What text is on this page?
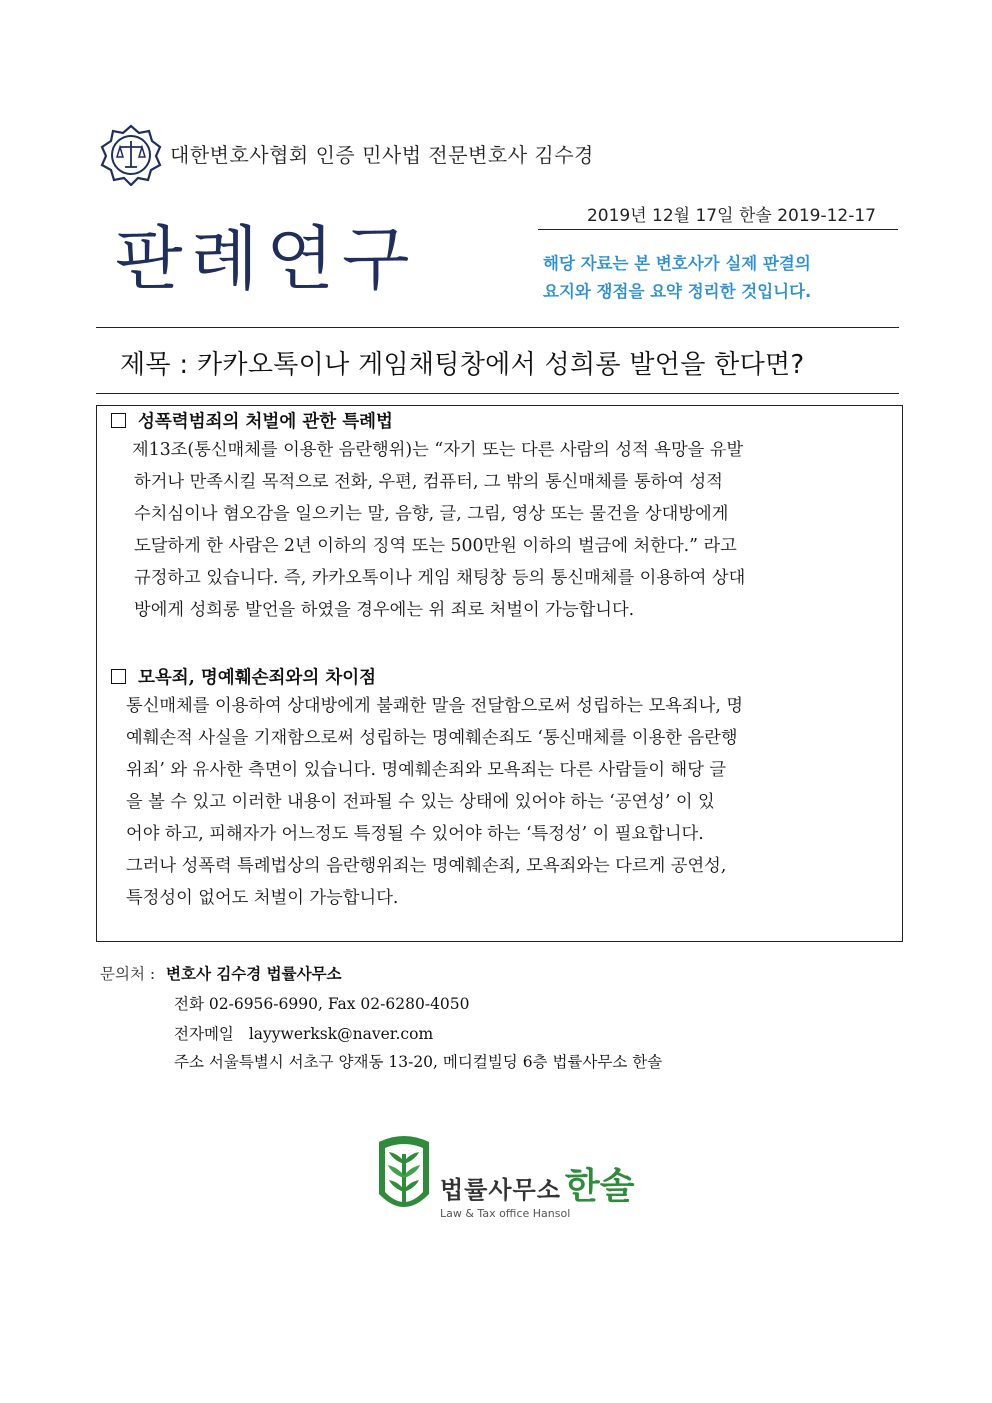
대한변호사협회 인증 민사법 전문변호사 김수경
2019년 12월 17일 한솔 2019-12-17
판례연구	해당 자료는 본 변호사가 실제 판결의
요지와 쟁점을 요약 정리한 것입니다.
제목 : 카카오톡이나 게임채팅창에서 성희롱 발언을 한다면?
성폭력범죄의 처벌에 관한 특례법
제13조(통신매체를 이용한 음란행위)는 “자기 또는 다른 사람의 성적 욕망을 유발
하거나 만족시킬 목적으로 전화, 우편, 컴퓨터, 그 밖의 통신매체를 통하여 성적
수치심이나 혐오감을 일으키는 말, 음향, 글, 그림, 영상 또는 물건을 상대방에게
도달하게 한 사람은 2년 이하의 징역 또는 500만원 이하의 벌금에 처한다.” 라고
규정하고 있습니다. 즉, 카카오톡이나 게임 채팅창 등의 통신매체를 이용하여 상대
방에게 성희롱 발언을 하였을 경우에는 위 죄로 처벌이 가능합니다.
모욕죄, 명예훼손죄와의 차이점
통신매체를 이용하여 상대방에게 불쾌한 말을 전달함으로써 성립하는 모욕죄나, 명
예훼손적 사실을 기재함으로써 성립하는 명예훼손죄도 ‘통신매체를 이용한 음란행
위죄’ 와 유사한 측면이 있습니다. 명예훼손죄와 모욕죄는 다른 사람들이 해당 글
을 볼 수 있고 이러한 내용이 전파될 수 있는 상태에 있어야 하는 ‘공연성’ 이 있
어야 하고, 피해자가 어느정도 특정될 수 있어야 하는 ‘특정성’ 이 필요합니다.
그러나 성폭력 특례법상의 음란행위죄는 명예훼손죄, 모욕죄와는 다르게 공연성,
특정성이 없어도 처벌이 가능합니다.
문의처 : 변호사 김수경 법률사무소
전화 02-6956-6990, Fax 02-6280-4050
전자메일 layywerksk@naver.com
주소 서울특별시 서초구 양재동 13-20, 메디컬빌딩 6층 법률사무소 한솔
법률사무소 한솔
Law & Tax office Hansol
